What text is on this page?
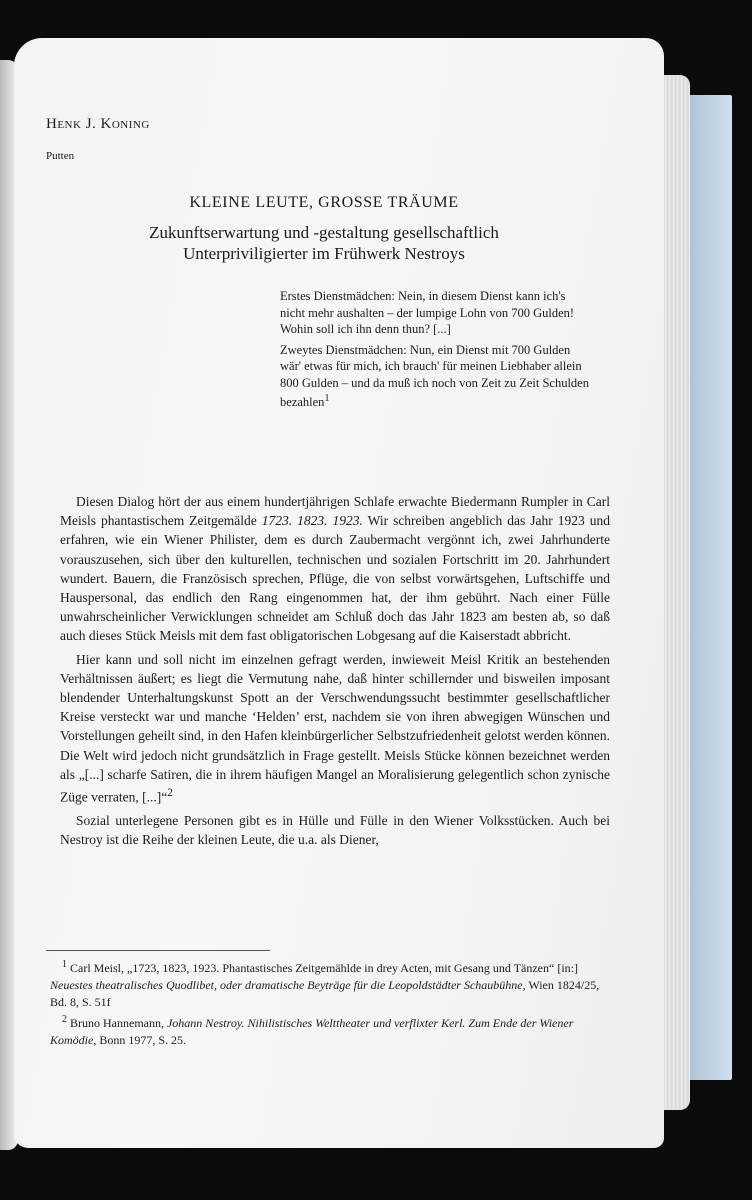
Henk J. Koning
Putten
KLEINE LEUTE, GROSSE TRÄUME
Zukunftserwartung und -gestaltung gesellschaftlich
Unterpriviligierter im Frühwerk Nestroys

Erstes Dienstmädchen: Nein, in diesem Dienst kann ich's nicht mehr aushalten – der lumpige Lohn von 700 Gulden! Wohin soll ich ihn denn thun? [...]

Zweytes Dienstmädchen: Nun, ein Dienst mit 700 Gulden wär' etwas für mich, ich brauch' für meinen Liebhaber allein 800 Gulden – und da muß ich noch von Zeit zu Zeit Schulden bezahlen$^1$

Diesen Dialog hört der aus einem hundertjährigen Schlafe erwachte Biedermann Rumpler in Carl Meisls phantastischem Zeitgemälde 1723. 1823. 1923. Wir schreiben angeblich das Jahr 1923 und erfahren, wie ein Wiener Philister, dem es durch Zaubermacht vergönnt ich, zwei Jahrhunderte vorauszusehen, sich über den kulturellen, technischen und sozialen Fortschritt im 20. Jahrhundert wundert. Bauern, die Französisch sprechen, Pflüge, die von selbst vorwärtsgehen, Luftschiffe und Hauspersonal, das endlich den Rang eingenommen hat, der ihm gebührt. Nach einer Fülle unwahrscheinlicher Verwicklungen schneidet am Schluß doch das Jahr 1823 am besten ab, so daß auch dieses Stück Meisls mit dem fast obligatorischen Lobgesang auf die Kaiserstadt abbricht.

Hier kann und soll nicht im einzelnen gefragt werden, inwieweit Meisl Kritik an bestehenden Verhältnissen äußert; es liegt die Vermutung nahe, daß hinter schillernder und bisweilen imposant blendender Unterhaltungskunst Spott an der Verschwendungssucht bestimmter gesellschaftlicher Kreise versteckt war und manche ‘Helden’ erst, nachdem sie von ihren abwegigen Wünschen und Vorstellungen geheilt sind, in den Hafen kleinbürgerlicher Selbstzufriedenheit gelotst werden können. Die Welt wird jedoch nicht grundsätzlich in Frage gestellt. Meisls Stücke können bezeichnet werden als „[...] scharfe Satiren, die in ihrem häufigen Mangel an Moralisierung gelegentlich schon zynische Züge verraten, [...]“$^2$

Sozial unterlegene Personen gibt es in Hülle und Fülle in den Wiener Volksstücken. Auch bei Nestroy ist die Reihe der kleinen Leute, die u.a. als Diener,

$^1$ Carl Meisl, „1723, 1823, 1923. Phantastisches Zeitgemählde in drey Acten, mit Gesang und Tänzen“ [in:] Neuestes theatralisches Quodlibet, oder dramatische Beyträge für die Leopoldstädter Schaubühne, Wien 1824/25, Bd. 8, S. 51f

$^2$ Bruno Hannemann, Johann Nestroy. Nihilistisches Welttheater und verflixter Kerl. Zum Ende der Wiener Komödie, Bonn 1977, S. 25.
